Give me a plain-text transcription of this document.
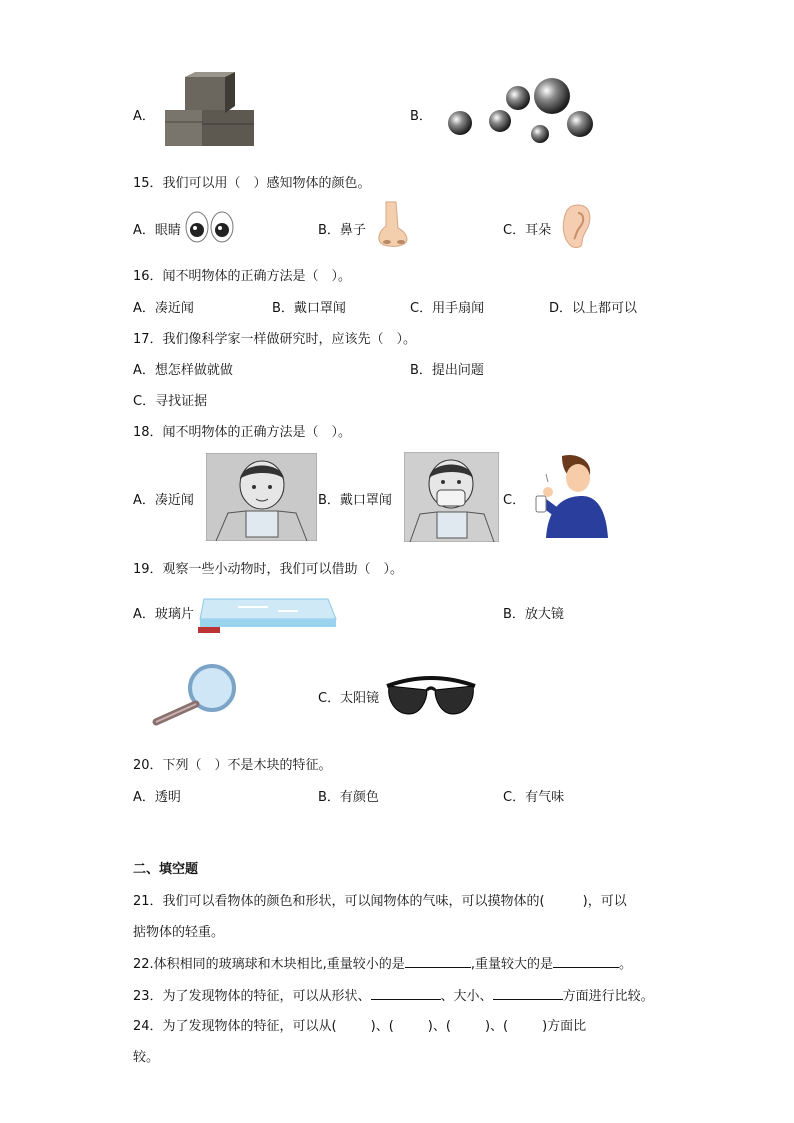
A．	B．
15．我们可以用（　）感知物体的颜色。
A．眼睛	B．鼻子	C．耳朵
16．闻不明物体的正确方法是（　）。
A．凑近闻	B．戴口罩闻	C．用手扇闻	D．以上都可以
17．我们像科学家一样做研究时，应该先（　）。
A．想怎样做就做	B．提出问题
C．寻找证据
18．闻不明物体的正确方法是（　）。
A．凑近闻	B．戴口罩闻	C．
19．观察一些小动物时，我们可以借助（　）。
A．玻璃片	B．放大镜
C．太阳镜
20．下列（　）不是木块的特征。
A．透明	B．有颜色	C．有气味
二、填空题
21．我们可以看物体的颜色和形状，可以闻物体的气味，可以摸物体的(	)，可以
掂物体的轻重。
22.体积相同的玻璃球和木块相比,重量较小的是	,重量较大的是	。
23．为了发现物体的特征，可以从形状、	、大小、	方面进行比较。
24．为了发现物体的特征，可以从(	)、(	)、(	)、(	)方面比
较。
